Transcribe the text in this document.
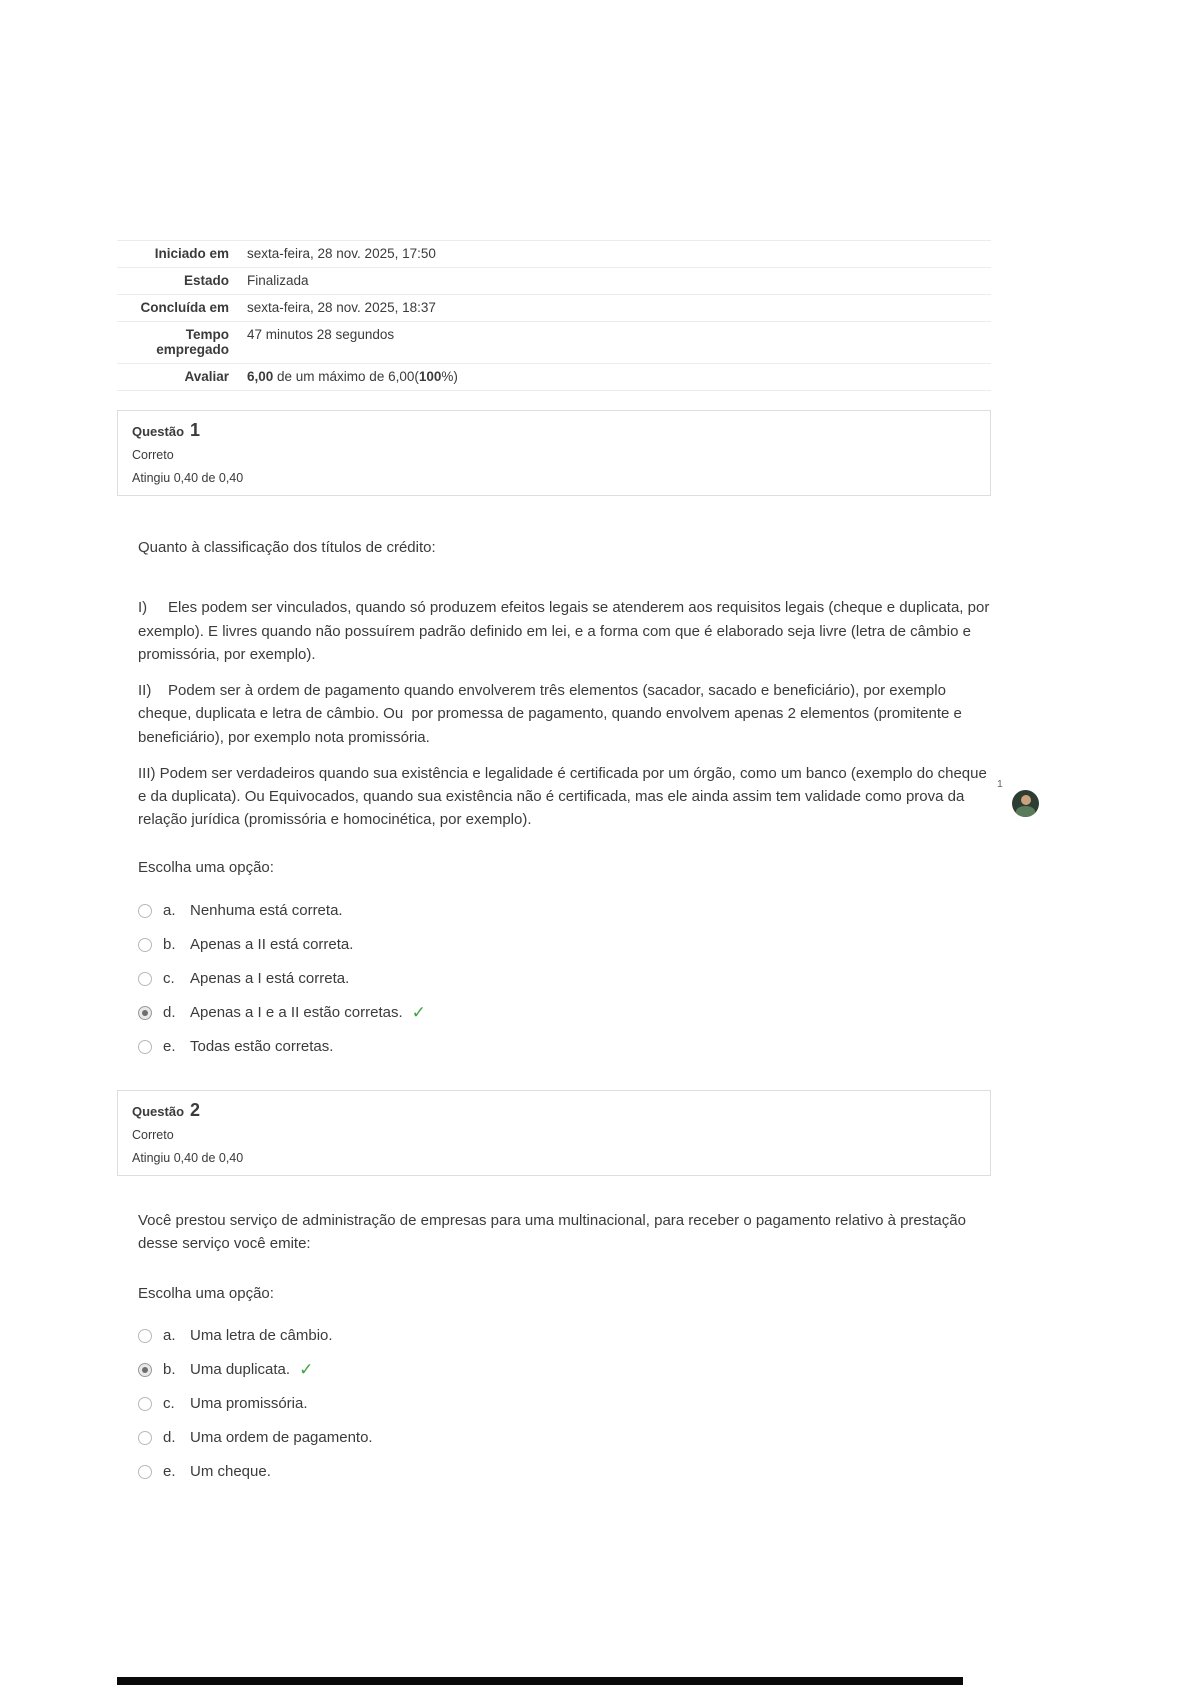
Iniciado em	sexta-feira, 28 nov. 2025, 17:50
Estado	Finalizada
Concluída em	sexta-feira, 28 nov. 2025, 18:37
Tempo empregado	47 minutos 28 segundos
Avaliar	6,00 de um máximo de 6,00(100%)
Questão 1
Correto
Atingiu 0,40 de 0,40

Quanto à classificação dos títulos de crédito:

I)     Eles podem ser vinculados, quando só produzem efeitos legais se atenderem aos requisitos legais (cheque e duplicata, por exemplo). E livres quando não possuírem padrão definido em lei, e a forma com que é elaborado seja livre (letra de câmbio e promissória, por exemplo).

II)    Podem ser à ordem de pagamento quando envolverem três elementos (sacador, sacado e beneficiário), por exemplo cheque, duplicata e letra de câmbio. Ou  por promessa de pagamento, quando envolvem apenas 2 elementos (promitente e beneficiário), por exemplo nota promissória.

III) Podem ser verdadeiros quando sua existência e legalidade é certificada por um órgão, como um banco (exemplo do cheque e da duplicata). Ou Equivocados, quando sua existência não é certificada, mas ele ainda assim tem validade como prova da relação jurídica (promissória e homocinética, por exemplo).

Escolha uma opção:
a. Nenhuma está correta.
b. Apenas a II está correta.
c.	Apenas a I está correta.
d. Apenas a I e a II estão corretas. ✓
e. Todas estão corretas.
Questão 2
Correto
Atingiu 0,40 de 0,40

Você prestou serviço de administração de empresas para uma multinacional, para receber o pagamento relativo à prestação desse serviço você emite:

Escolha uma opção:
a. Uma letra de câmbio.
b. Uma duplicata. ✓
c.	Uma promissória.
d. Uma ordem de pagamento.
e. Um cheque.
1
